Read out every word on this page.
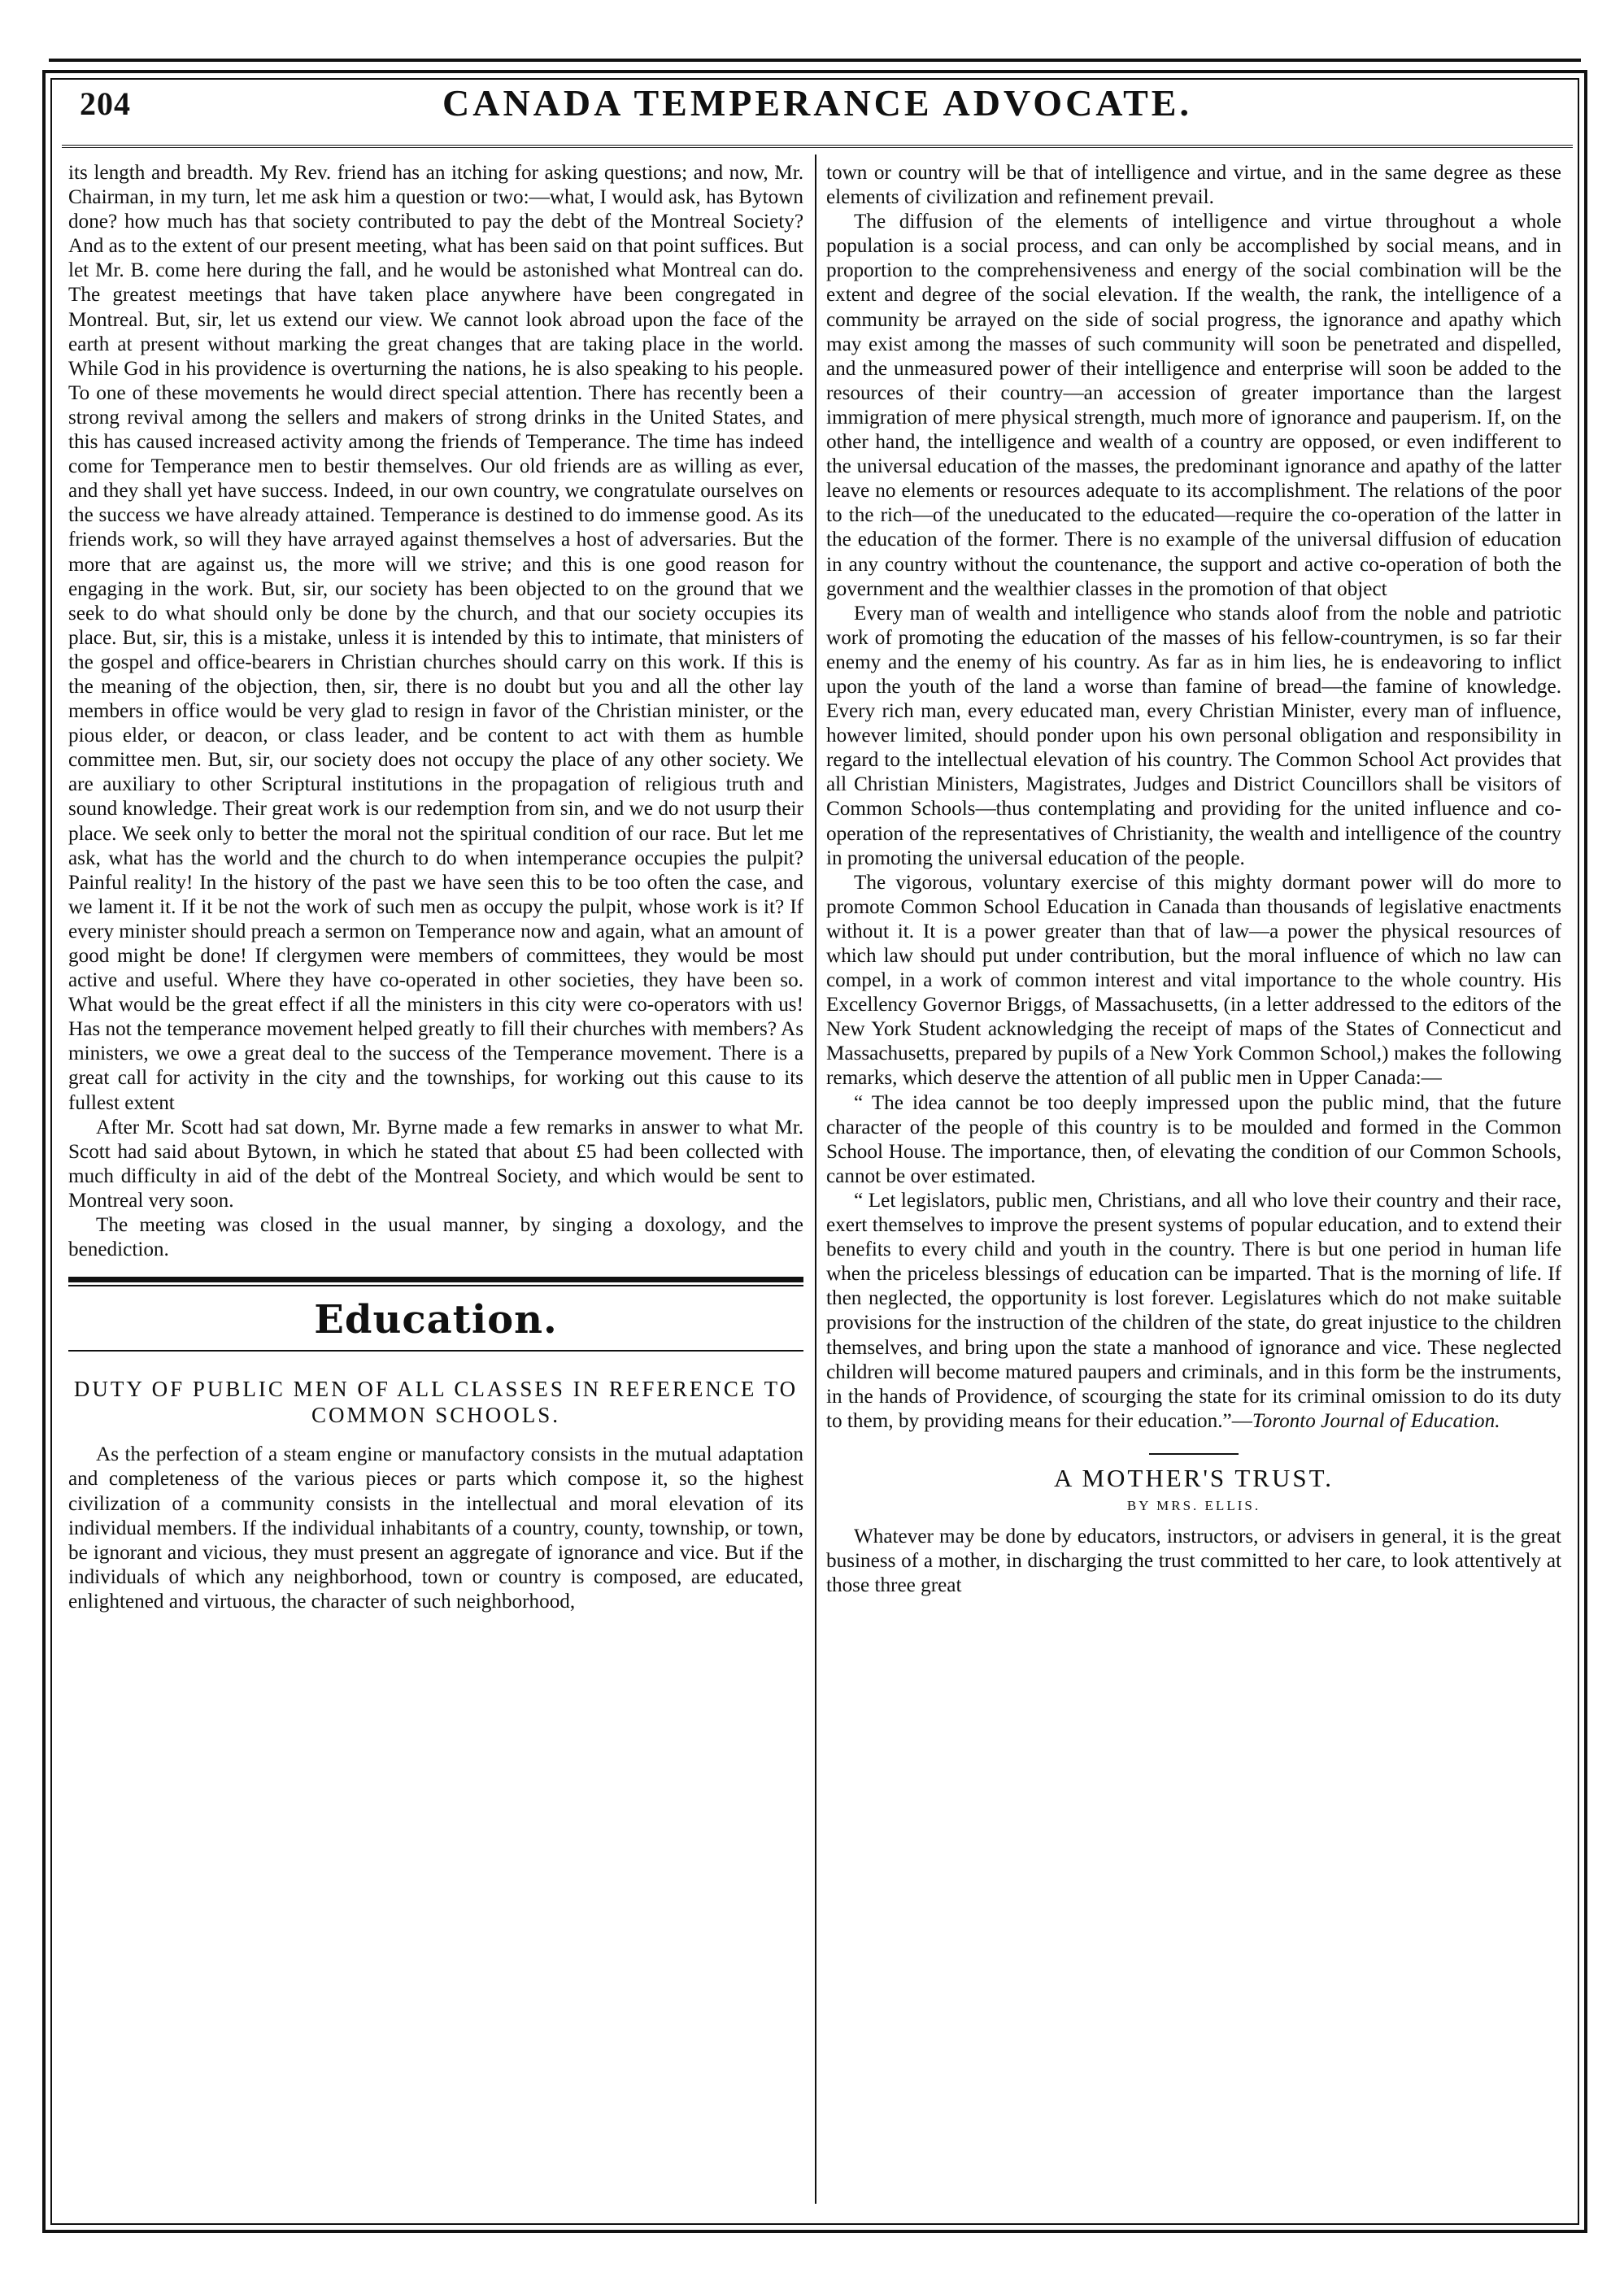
204	CANADA TEMPERANCE ADVOCATE.

its length and breadth. My Rev. friend has an itching for asking questions; and now, Mr. Chairman, in my turn, let me ask him a question or two:—what, I would ask, has Bytown done? how much has that society contributed to pay the debt of the Montreal Society? And as to the extent of our present meeting, what has been said on that point suffices. But let Mr. B. come here during the fall, and he would be astonished what Montreal can do. The greatest meetings that have taken place anywhere have been congregated in Montreal. But, sir, let us extend our view. We cannot look abroad upon the face of the earth at present without marking the great changes that are taking place in the world. While God in his providence is overturning the nations, he is also speaking to his people. To one of these movements he would direct special attention. There has recently been a strong revival among the sellers and makers of strong drinks in the United States, and this has caused increased activity among the friends of Temperance. The time has indeed come for Temperance men to bestir themselves. Our old friends are as willing as ever, and they shall yet have success. Indeed, in our own country, we congratulate ourselves on the success we have already attained. Temperance is destined to do immense good. As its friends work, so will they have arrayed against themselves a host of adversaries. But the more that are against us, the more will we strive; and this is one good reason for engaging in the work. But, sir, our society has been objected to on the ground that we seek to do what should only be done by the church, and that our society occupies its place. But, sir, this is a mistake, unless it is intended by this to intimate, that ministers of the gospel and office-bearers in Christian churches should carry on this work. If this is the meaning of the objection, then, sir, there is no doubt but you and all the other lay members in office would be very glad to resign in favor of the Christian minister, or the pious elder, or deacon, or class leader, and be content to act with them as humble committee men. But, sir, our society does not occupy the place of any other society. We are auxiliary to other Scriptural institutions in the propagation of religious truth and sound knowledge. Their great work is our redemption from sin, and we do not usurp their place. We seek only to better the moral not the spiritual condition of our race. But let me ask, what has the world and the church to do when intemperance occupies the pulpit? Painful reality! In the history of the past we have seen this to be too often the case, and we lament it. If it be not the work of such men as occupy the pulpit, whose work is it? If every minister should preach a sermon on Temperance now and again, what an amount of good might be done! If clergymen were members of committees, they would be most active and useful. Where they have co-operated in other societies, they have been so. What would be the great effect if all the ministers in this city were co-operators with us! Has not the temperance movement helped greatly to fill their churches with members? As ministers, we owe a great deal to the success of the Temperance movement. There is a great call for activity in the city and the townships, for working out this cause to its fullest extent

After Mr. Scott had sat down, Mr. Byrne made a few remarks in answer to what Mr. Scott had said about Bytown, in which he stated that about £5 had been collected with much difficulty in aid of the debt of the Montreal Society, and which would be sent to Montreal very soon.

The meeting was closed in the usual manner, by singing a doxology, and the benediction.

Education.
DUTY OF PUBLIC MEN OF ALL CLASSES IN REFERENCE TO COMMON SCHOOLS.

As the perfection of a steam engine or manufactory consists in the mutual adaptation and completeness of the various pieces or parts which compose it, so the highest civilization of a community consists in the intellectual and moral elevation of its individual members. If the individual inhabitants of a country, county, township, or town, be ignorant and vicious, they must present an aggregate of ignorance and vice. But if the individuals of which any neighborhood, town or country is composed, are educated, enlightened and virtuous, the character of such neighborhood,

town or country will be that of intelligence and virtue, and in the same degree as these elements of civilization and refinement prevail.

The diffusion of the elements of intelligence and virtue throughout a whole population is a social process, and can only be accomplished by social means, and in proportion to the comprehensiveness and energy of the social combination will be the extent and degree of the social elevation. If the wealth, the rank, the intelligence of a community be arrayed on the side of social progress, the ignorance and apathy which may exist among the masses of such community will soon be penetrated and dispelled, and the unmeasured power of their intelligence and enterprise will soon be added to the resources of their country—an accession of greater importance than the largest immigration of mere physical strength, much more of ignorance and pauperism. If, on the other hand, the intelligence and wealth of a country are opposed, or even indifferent to the universal education of the masses, the predominant ignorance and apathy of the latter leave no elements or resources adequate to its accomplishment. The relations of the poor to the rich—of the uneducated to the educated—require the co-operation of the latter in the education of the former. There is no example of the universal diffusion of education in any country without the countenance, the support and active co-operation of both the government and the wealthier classes in the promotion of that object

Every man of wealth and intelligence who stands aloof from the noble and patriotic work of promoting the education of the masses of his fellow-countrymen, is so far their enemy and the enemy of his country. As far as in him lies, he is endeavoring to inflict upon the youth of the land a worse than famine of bread—the famine of knowledge. Every rich man, every educated man, every Christian Minister, every man of influence, however limited, should ponder upon his own personal obligation and responsibility in regard to the intellectual elevation of his country. The Common School Act provides that all Christian Ministers, Magistrates, Judges and District Councillors shall be visitors of Common Schools—thus contemplating and providing for the united influence and co-operation of the representatives of Christianity, the wealth and intelligence of the country in promoting the universal education of the people.

The vigorous, voluntary exercise of this mighty dormant power will do more to promote Common School Education in Canada than thousands of legislative enactments without it. It is a power greater than that of law—a power the physical resources of which law should put under contribution, but the moral influence of which no law can compel, in a work of common interest and vital importance to the whole country. His Excellency Governor Briggs, of Massachusetts, (in a letter addressed to the editors of the New York Student acknowledging the receipt of maps of the States of Connecticut and Massachusetts, prepared by pupils of a New York Common School,) makes the following remarks, which deserve the attention of all public men in Upper Canada:—

“ The idea cannot be too deeply impressed upon the public mind, that the future character of the people of this country is to be moulded and formed in the Common School House. The importance, then, of elevating the condition of our Common Schools, cannot be over estimated.

“ Let legislators, public men, Christians, and all who love their country and their race, exert themselves to improve the present systems of popular education, and to extend their benefits to every child and youth in the country. There is but one period in human life when the priceless blessings of education can be imparted. That is the morning of life. If then neglected, the opportunity is lost forever. Legislatures which do not make suitable provisions for the instruction of the children of the state, do great injustice to the children themselves, and bring upon the state a manhood of ignorance and vice. These neglected children will become matured paupers and criminals, and in this form be the instruments, in the hands of Providence, of scourging the state for its criminal omission to do its duty to them, by providing means for their education.”—Toronto Journal of Education.

A MOTHER'S TRUST.
BY MRS. ELLIS.

Whatever may be done by educators, instructors, or advisers in general, it is the great business of a mother, in discharging the trust committed to her care, to look attentively at those three great
